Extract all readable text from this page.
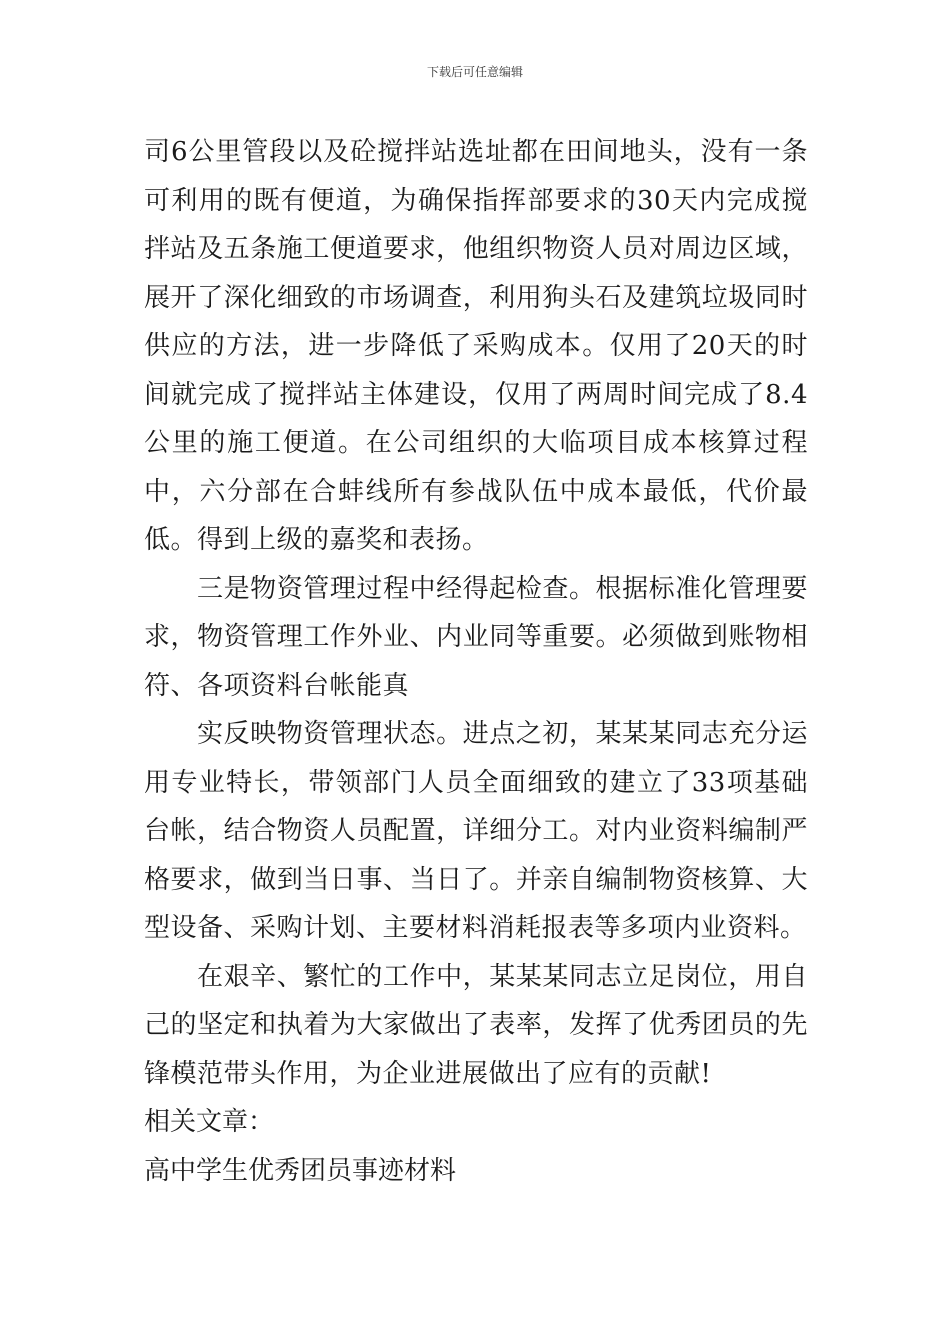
下载后可任意编辑

司6公里管段以及砼搅拌站选址都在田间地头，没有一条可利用的既有便道，为确保指挥部要求的30天内完成搅拌站及五条施工便道要求，他组织物资人员对周边区域，展开了深化细致的市场调查，利用狗头石及建筑垃圾同时供应的方法，进一步降低了采购成本。仅用了20天的时间就完成了搅拌站主体建设，仅用了两周时间完成了8.4公里的施工便道。在公司组织的大临项目成本核算过程中，六分部在合蚌线所有参战队伍中成本最低，代价最低。得到上级的嘉奖和表扬。

三是物资管理过程中经得起检查。根据标准化管理要求，物资管理工作外业、内业同等重要。必须做到账物相符、各项资料台帐能真

实反映物资管理状态。进点之初，某某某同志充分运用专业特长，带领部门人员全面细致的建立了33项基础台帐，结合物资人员配置，详细分工。对内业资料编制严格要求，做到当日事、当日了。并亲自编制物资核算、大型设备、采购计划、主要材料消耗报表等多项内业资料。

在艰辛、繁忙的工作中，某某某同志立足岗位，用自己的坚定和执着为大家做出了表率，发挥了优秀团员的先锋模范带头作用，为企业进展做出了应有的贡献!

相关文章：

高中学生优秀团员事迹材料
